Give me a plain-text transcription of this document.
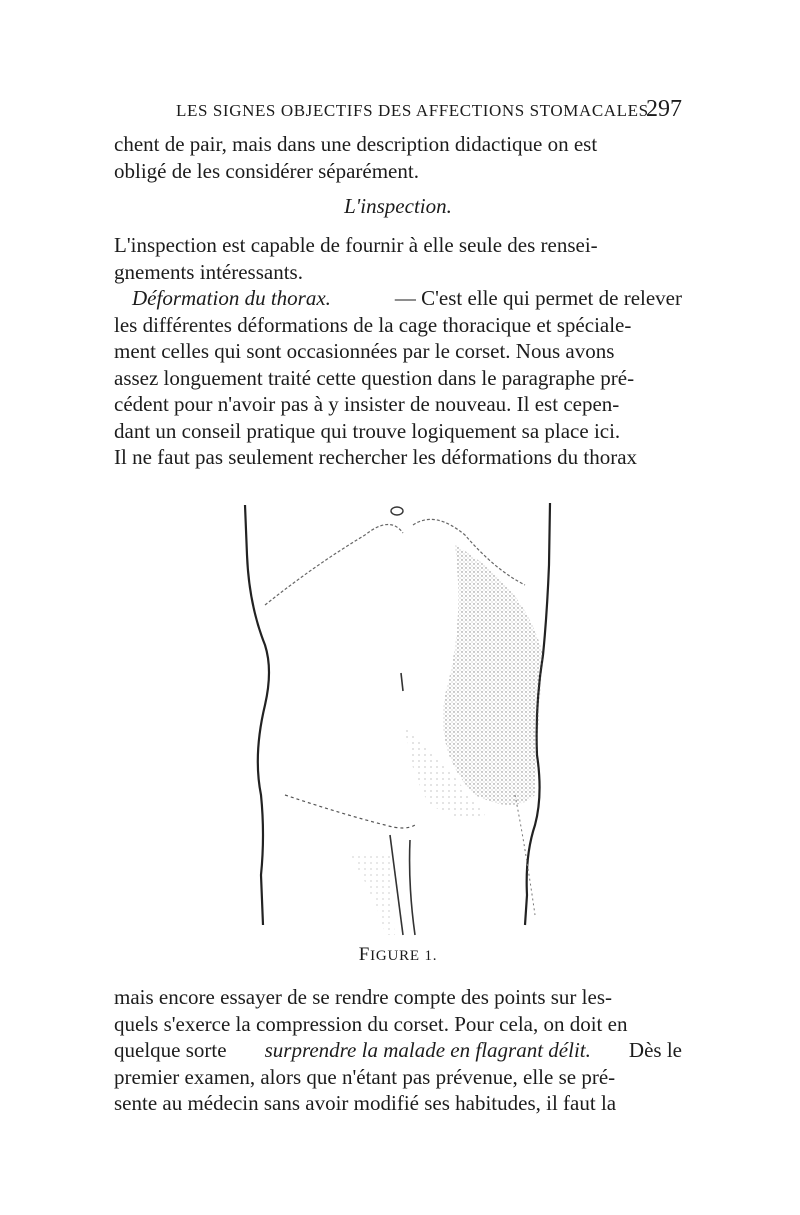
LES SIGNES OBJECTIFS DES AFFECTIONS STOMACALES.
297
chent de pair, mais dans une description didactique on est
obligé de les considérer séparément.
L'inspection.
L'inspection est capable de fournir à elle seule des rensei-
gnements intéressants.
Déformation du thorax.	— C'est elle qui permet de relever
les différentes déformations de la cage thoracique et spéciale-
ment celles qui sont occasionnées par le corset. Nous avons
assez longuement traité cette question dans le paragraphe pré-
cédent pour n'avoir pas à y insister de nouveau. Il est cepen-
dant un conseil pratique qui trouve logiquement sa place ici.
Il ne faut pas seulement rechercher les déformations du thorax
FIGURE 1.
mais encore essayer de se rendre compte des points sur les-
quels s'exerce la compression du corset. Pour cela, on doit en
quelque sorte surprendre la malade en flagrant délit. Dès le
premier examen, alors que n'étant pas prévenue, elle se pré-
sente au médecin sans avoir modifié ses habitudes, il faut la
